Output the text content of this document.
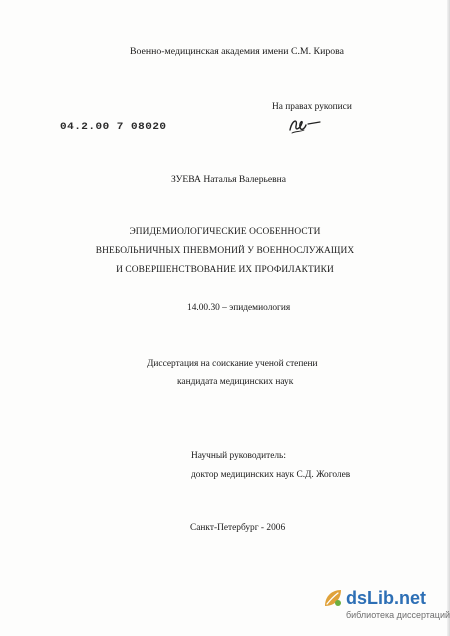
Военно-медицинская академия имени С.М. Кирова
На правах рукописи
04.2.00 7 08020
ЗУЕВА Наталья Валерьевна
ЭПИДЕМИОЛОГИЧЕСКИЕ ОСОБЕННОСТИ
ВНЕБОЛЬНИЧНЫХ ПНЕВМОНИЙ У ВОЕННОСЛУЖАЩИХ
И СОВЕРШЕНСТВОВАНИЕ ИХ ПРОФИЛАКТИКИ
14.00.30 – эпидемиология
Диссертация на соискание ученой степени
кандидата медицинских наук
Научный руководитель:
доктор медицинских наук С.Д. Жоголев
Санкт-Петербург - 2006
dsLib.net
библиотека диссертаций
